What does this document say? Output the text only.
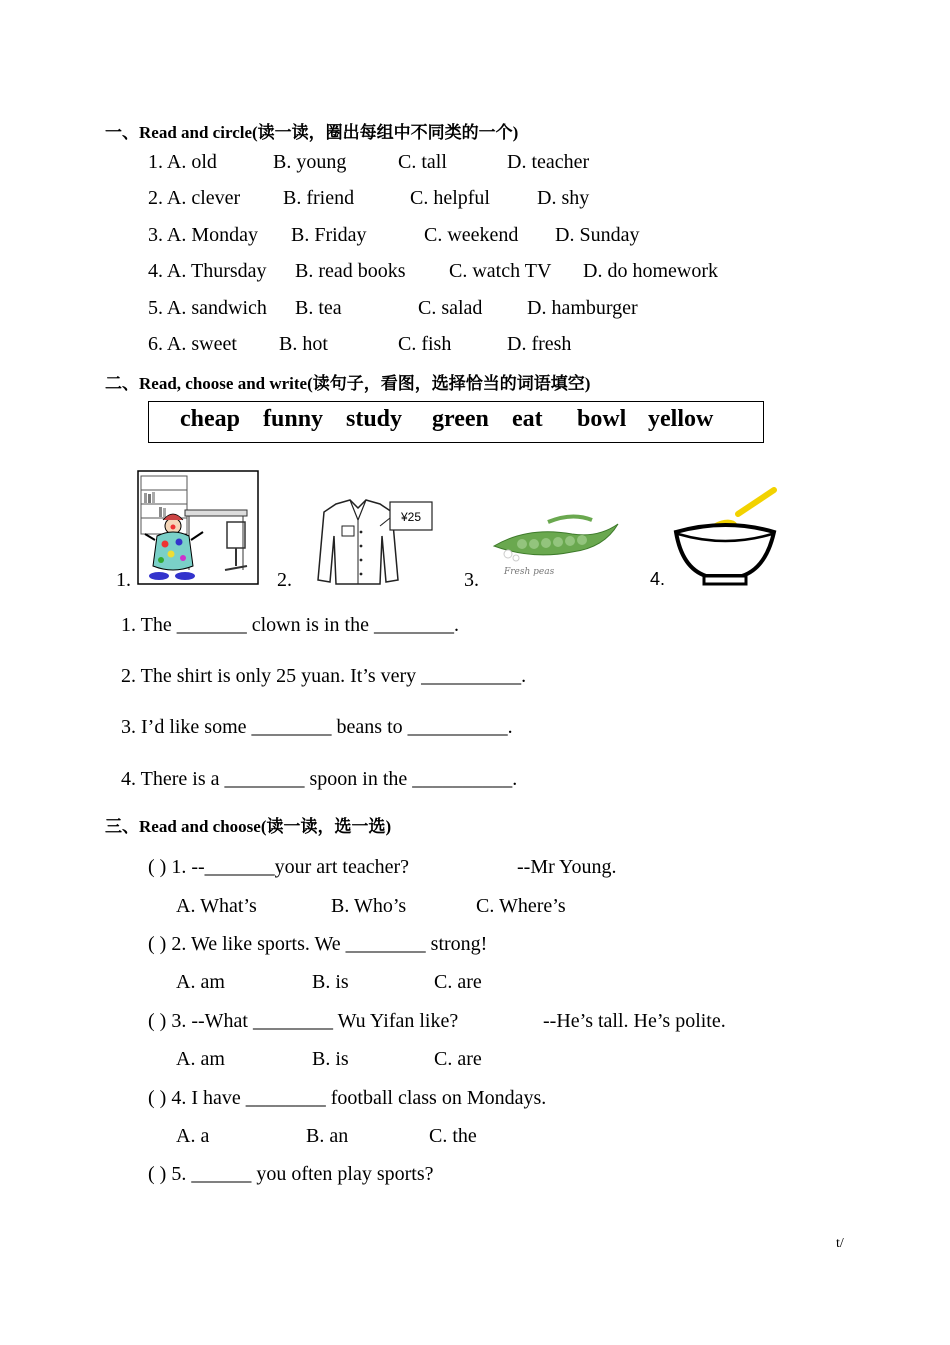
一、Read and circle(读一读，圈出每组中不同类的一个)
1. A. old	B. young	C. tall	D. teacher
2. A. clever B. friend	C. helpful D. shy
3. A. Monday B. Friday	C. weekend D. Sunday
4. A. Thursday B. read books C. watch TV D. do homework
5. A. sandwich B. tea	C. salad D. hamburger
6. A. sweet B. hot	C. fish	D. fresh
二、Read, choose and write(读句子，看图，选择恰当的词语填空)
cheap funny study green eat bowl yellow
1.	2.
¥25
3.	Fresh peas	4.
1. The _______ clown is in the ________.
2. The shirt is only 25 yuan. It’s very __________.
3. I’d like some ________ beans to __________.
4. There is a ________ spoon in the __________.
三、Read and choose(读一读，选一选)
( ) 1. --_______your art teacher?	--Mr Young.
A. What’s	B. Who’s	C. Where’s
( ) 2. We like sports. We ________ strong!
A. am	B. is	C. are
( ) 3. --What ________ Wu Yifan like?	--He’s tall. He’s polite.
A. am	B. is	C. are
( ) 4. I have ________ football class on Mondays.
A. a	B. an	C. the
( ) 5. ______ you often play sports?
t/
